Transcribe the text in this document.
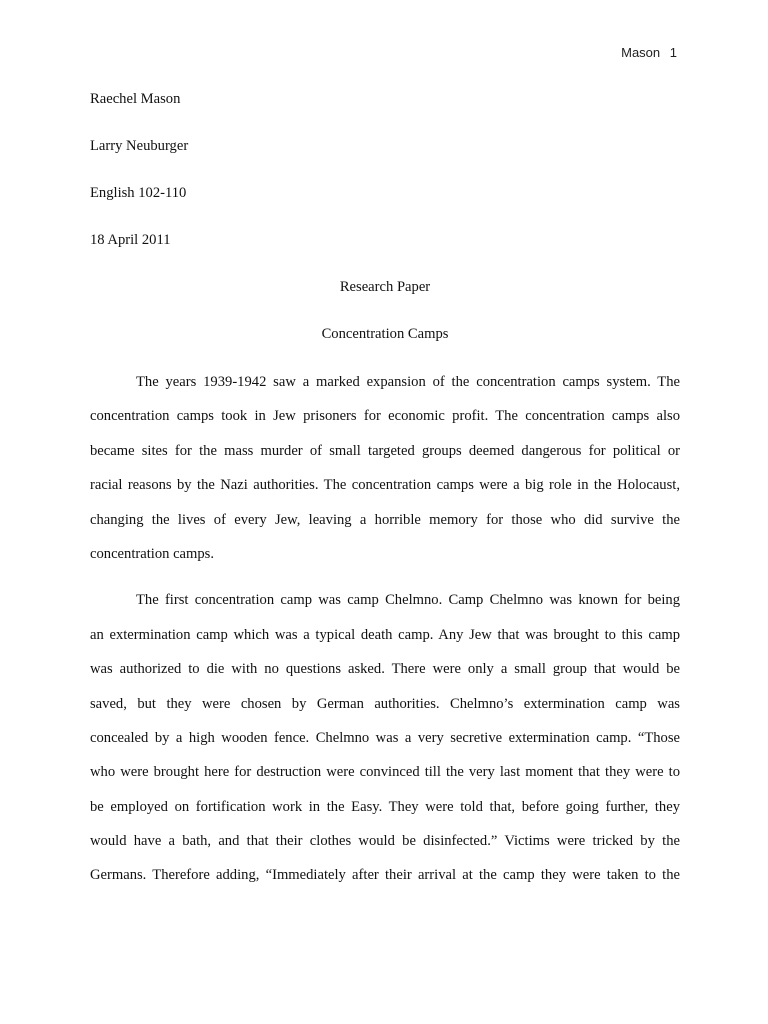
Mason 1
Raechel Mason
Larry Neuburger
English 102-110
18 April 2011
Research Paper
Concentration Camps
The years 1939-1942 saw a marked expansion of the concentration camps system. The
concentration camps took in Jew prisoners for economic profit. The concentration camps also
became sites for the mass murder of small targeted groups deemed dangerous for political or
racial reasons by the Nazi authorities. The concentration camps were a big role in the Holocaust,
changing the lives of every Jew, leaving a horrible memory for those who did survive the
concentration camps.
The first concentration camp was camp Chelmno. Camp Chelmno was known for being
an extermination camp which was a typical death camp. Any Jew that was brought to this camp
was authorized to die with no questions asked. There were only a small group that would be
saved, but they were chosen by German authorities. Chelmno’s extermination camp was
concealed by a high wooden fence. Chelmno was a very secretive extermination camp. “Those
who were brought here for destruction were convinced till the very last moment that they were to
be employed on fortification work in the Easy. They were told that, before going further, they
would have a bath, and that their clothes would be disinfected.” Victims were tricked by the
Germans. Therefore adding, “Immediately after their arrival at the camp they were taken to the
